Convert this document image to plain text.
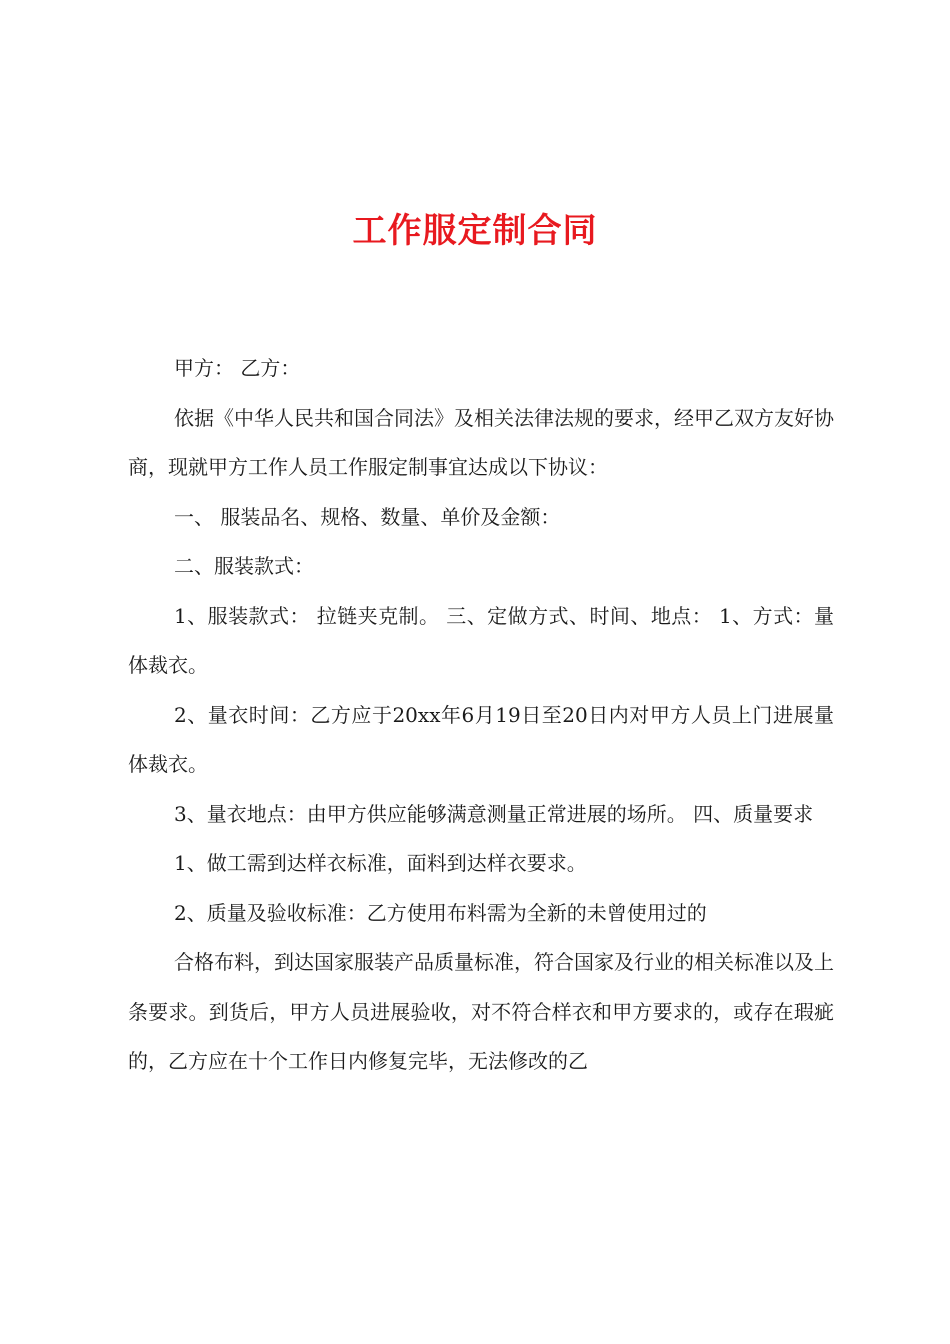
工作服定制合同

甲方： 乙方：

依据《中华人民共和国合同法》及相关法律法规的要求，经甲乙双方友好协商，现就甲方工作人员工作服定制事宜达成以下协议：

一、 服装品名、规格、数量、单价及金额：

二、服装款式：

1、服装款式： 拉链夹克制。 三、定做方式、时间、地点： 1、方式：量体裁衣。

2、量衣时间：乙方应于20xx年6月19日至20日内对甲方人员上门进展量体裁衣。

3、量衣地点：由甲方供应能够满意测量正常进展的场所。 四、质量要求

1、做工需到达样衣标准，面料到达样衣要求。

2、质量及验收标准：乙方使用布料需为全新的未曾使用过的

合格布料，到达国家服装产品质量标准，符合国家及行业的相关标准以及上条要求。到货后，甲方人员进展验收，对不符合样衣和甲方要求的，或存在瑕疵的，乙方应在十个工作日内修复完毕，无法修改的乙
